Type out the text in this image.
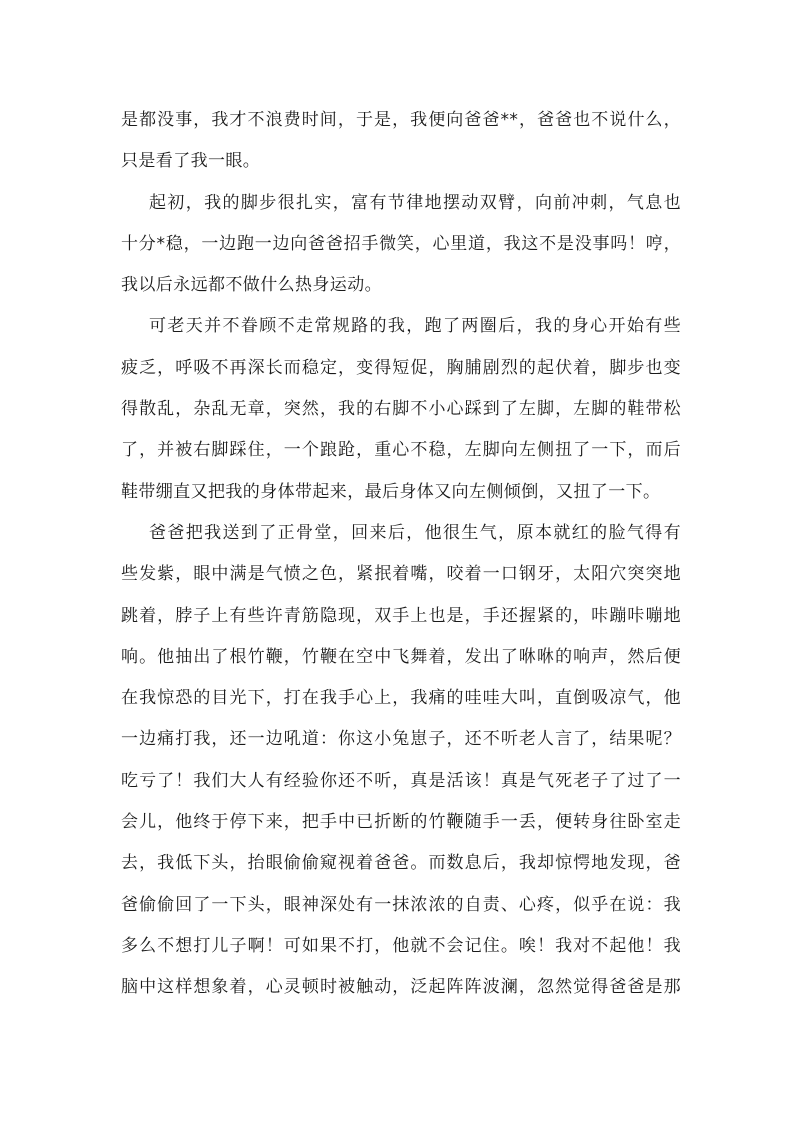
是都没事，我才不浪费时间，于是，我便向爸爸**，爸爸也不说什么，
只是看了我一眼。
起初，我的脚步很扎实，富有节律地摆动双臂，向前冲刺，气息也
十分*稳，一边跑一边向爸爸招手微笑，心里道，我这不是没事吗！哼，
我以后永远都不做什么热身运动。
可老天并不眷顾不走常规路的我，跑了两圈后，我的身心开始有些
疲乏，呼吸不再深长而稳定，变得短促，胸脯剧烈的起伏着，脚步也变
得散乱，杂乱无章，突然，我的右脚不小心踩到了左脚，左脚的鞋带松
了，并被右脚踩住，一个踉跄，重心不稳，左脚向左侧扭了一下，而后
鞋带绷直又把我的身体带起来，最后身体又向左侧倾倒，又扭了一下。
爸爸把我送到了正骨堂，回来后，他很生气，原本就红的脸气得有
些发紫，眼中满是气愤之色，紧抿着嘴，咬着一口钢牙，太阳穴突突地
跳着，脖子上有些许青筋隐现，双手上也是，手还握紧的，咔蹦咔嘣地
响。他抽出了根竹鞭，竹鞭在空中飞舞着，发出了咻咻的响声，然后便
在我惊恐的目光下，打在我手心上，我痛的哇哇大叫，直倒吸凉气，他
一边痛打我，还一边吼道：你这小兔崽子，还不听老人言了，结果呢？
吃亏了！我们大人有经验你还不听，真是活该！真是气死老子了过了一
会儿，他终于停下来，把手中已折断的竹鞭随手一丢，便转身往卧室走
去，我低下头，抬眼偷偷窥视着爸爸。而数息后，我却惊愕地发现，爸
爸偷偷回了一下头，眼神深处有一抹浓浓的自责、心疼，似乎在说：我
多么不想打儿子啊！可如果不打，他就不会记住。唉！我对不起他！我
脑中这样想象着，心灵顿时被触动，泛起阵阵波澜，忽然觉得爸爸是那
